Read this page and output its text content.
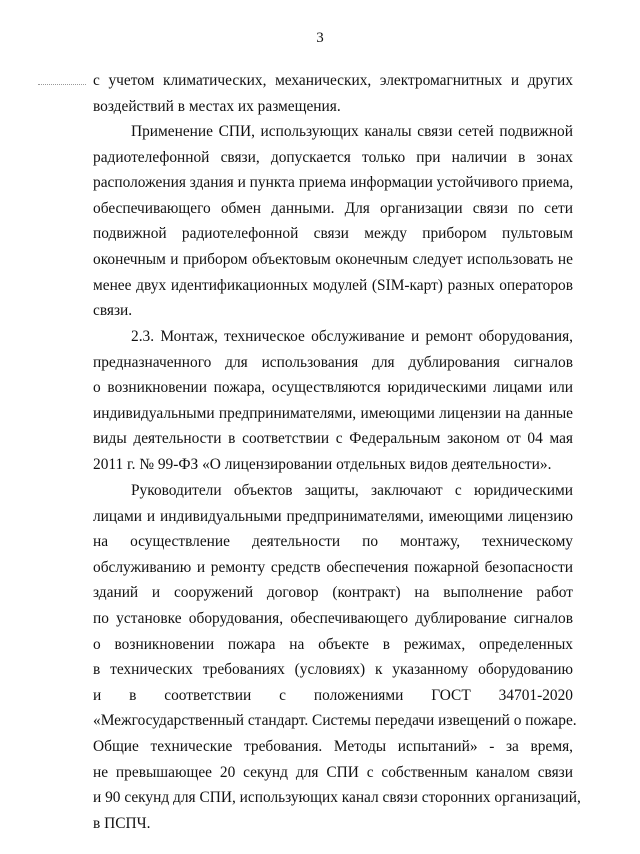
3

с учетом климатических, механических, электромагнитных и других
воздействий в местах их размещения.

Применение СПИ, использующих каналы связи сетей подвижной
радиотелефонной связи, допускается только при наличии в зонах
расположения здания и пункта приема информации устойчивого приема,
обеспечивающего обмен данными. Для организации связи по сети
подвижной радиотелефонной связи между прибором пультовым
оконечным и прибором объектовым оконечным следует использовать не
менее двух идентификационных модулей (SIM-карт) разных операторов
связи.

2.3. Монтаж, техническое обслуживание и ремонт оборудования,
предназначенного для использования для дублирования сигналов
о возникновении пожара, осуществляются юридическими лицами или
индивидуальными предпринимателями, имеющими лицензии на данные
виды деятельности в соответствии с Федеральным законом от 04 мая
2011 г. № 99-ФЗ «О лицензировании отдельных видов деятельности».

Руководители объектов защиты, заключают с юридическими
лицами и индивидуальными предпринимателями, имеющими лицензию
на осуществление деятельности по монтажу, техническому
обслуживанию и ремонту средств обеспечения пожарной безопасности
зданий и сооружений договор (контракт) на выполнение работ
по установке оборудования, обеспечивающего дублирование сигналов
о возникновении пожара на объекте в режимах, определенных
в технических требованиях (условиях) к указанному оборудованию
и в соответствии с положениями ГОСТ 34701-2020
«Межгосударственный стандарт. Системы передачи извещений о пожаре.
Общие технические требования. Методы испытаний» - за время,
не превышающее 20 секунд для СПИ с собственным каналом связи
и 90 секунд для СПИ, использующих канал связи сторонних организаций,
в ПСПЧ.
